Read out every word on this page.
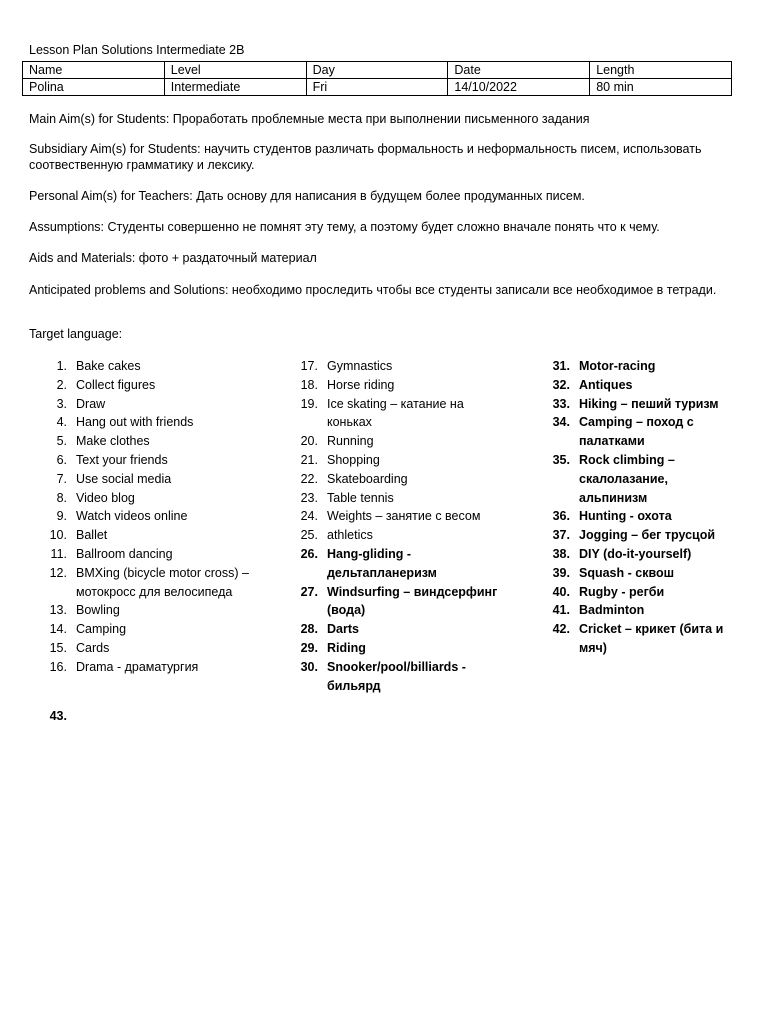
Lesson Plan Solutions Intermediate 2B
Name	Level	Day	Date	Length
Polina	Intermediate	Fri	14/10/2022	80 min
Main Aim(s) for Students: Проработать проблемные места при выполнении письменного задания
Subsidiary Aim(s) for Students: научить студентов различать формальность и неформальность писем, использовать соотвественную грамматику и лексику.
Personal Aim(s) for Teachers: Дать основу для написания в будущем более продуманных писем.
Assumptions: Студенты совершенно не помнят эту тему, а поэтому будет сложно вначале понять что к чему.
Aids and Materials: фото + раздаточный материал
Anticipated problems and Solutions: необходимо проследить чтобы все студенты записали все необходимое в тетради.
Target language:
1. Bake cakes
2. Collect figures
3. Draw
4. Hang out with friends
5. Make clothes
6. Text your friends
7. Use social media
8. Video blog
9. Watch videos online
10. Ballet
11. Ballroom dancing
12. BMXing (bicycle motor cross) – мотокросс для велосипеда
13. Bowling
14. Camping
15. Cards
16. Drama - драматургия
17. Gymnastics
18. Horse riding
19. Ice skating – катание на коньках
20. Running
21. Shopping
22. Skateboarding
23. Table tennis
24. Weights – занятие с весом
25. athletics
26. Hang-gliding - дельтапланеризм
27. Windsurfing – виндсерфинг (вода)
28. Darts
29. Riding
30. Snooker/pool/billiards - бильярд
31. Motor-racing
32. Antiques
33. Hiking – пеший туризм
34. Camping – поход с палатками
35. Rock climbing – скалолазание, альпинизм
36. Hunting - охота
37. Jogging – бег трусцой
38. DIY (do-it-yourself)
39. Squash - сквош
40. Rugby - регби
41. Badminton
42. Cricket – крикет (бита и мяч)
43.
